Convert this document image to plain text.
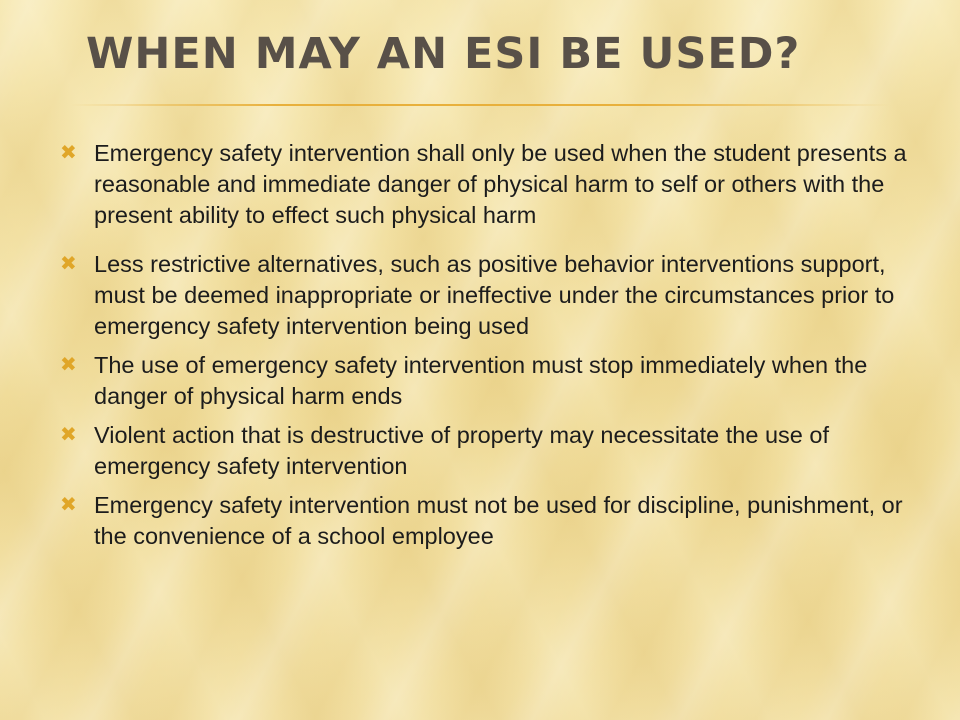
WHEN MAY AN ESI BE USED?
✖ Emergency safety intervention shall only be used when the student presents a reasonable and immediate danger of physical harm to self or others with the present ability to effect such physical harm
✖ Less restrictive alternatives, such as positive behavior interventions support, must be deemed inappropriate or ineffective under the circumstances prior to emergency safety intervention being used
✖ The use of emergency safety intervention must stop immediately when the danger of physical harm ends
✖ Violent action that is destructive of property may necessitate the use of emergency safety intervention
✖ Emergency safety intervention must not be used for discipline, punishment, or the convenience of a school employee
